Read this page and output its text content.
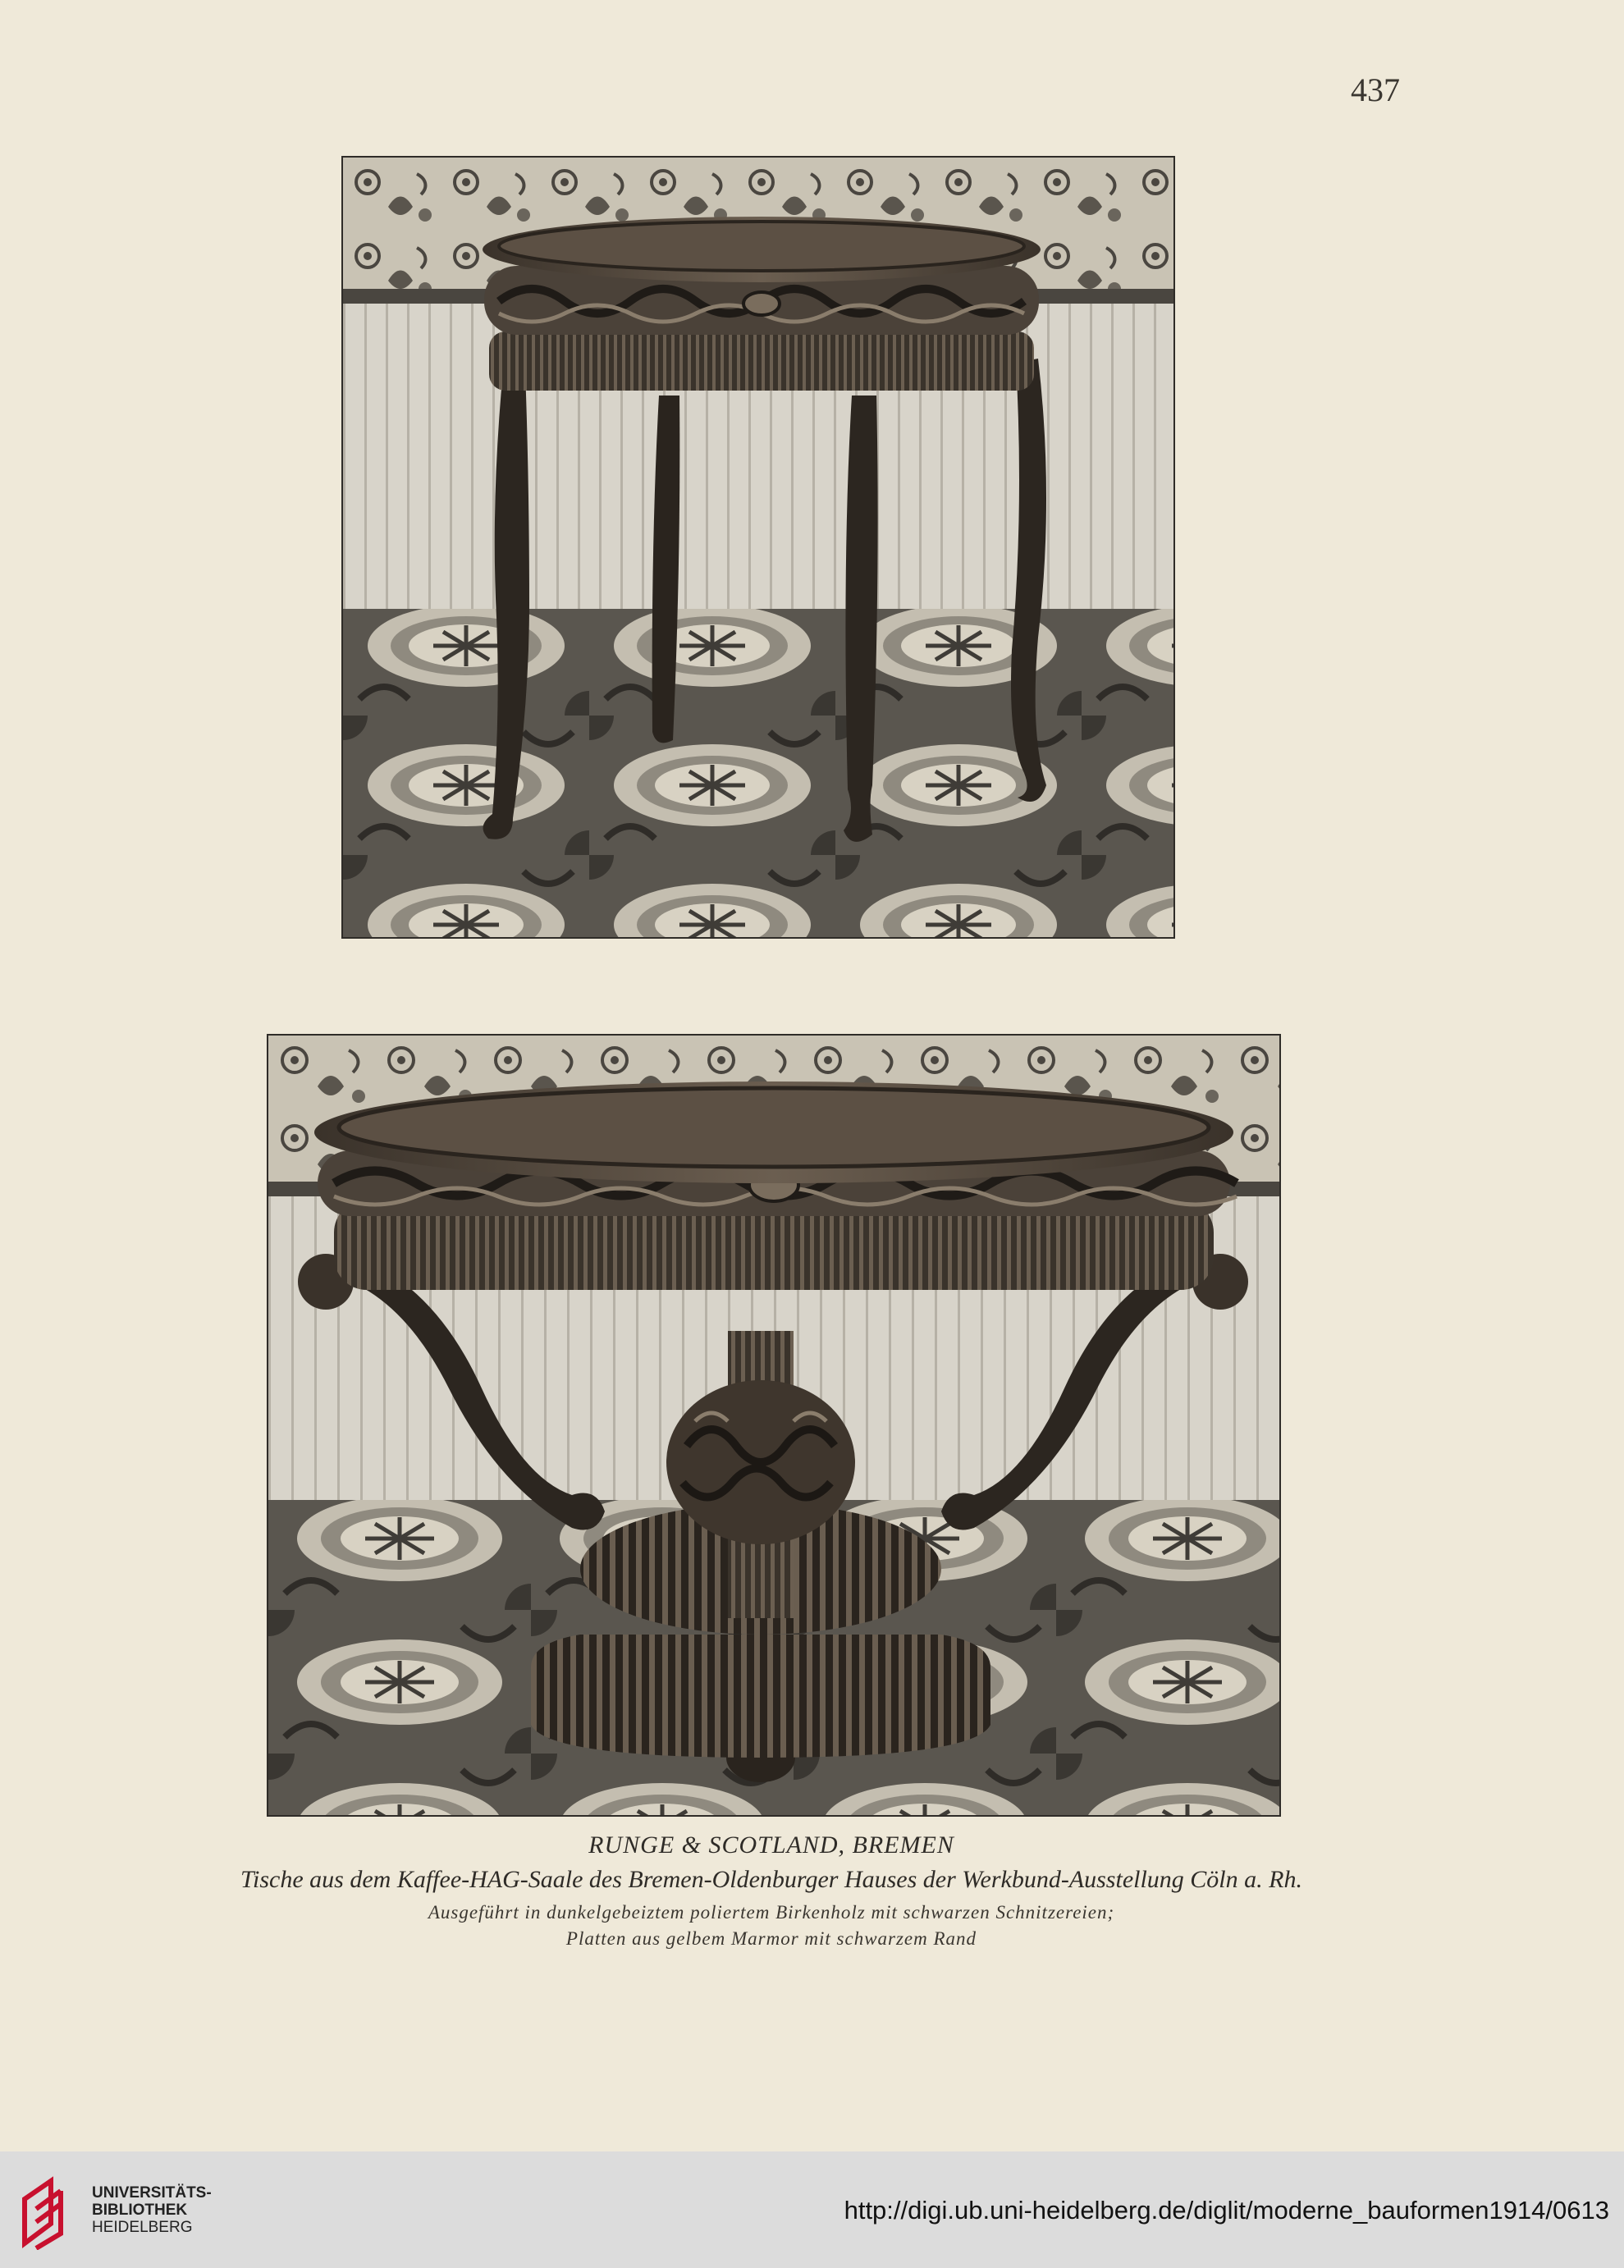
437
RUNGE & SCOTLAND, BREMEN
Tische aus dem Kaffee-HAG-Saale des Bremen-Oldenburger Hauses der Werkbund-Ausstellung Cöln a. Rh.
Ausgeführt in dunkelgebeiztem poliertem Birkenholz mit schwarzen Schnitzereien;
Platten aus gelbem Marmor mit schwarzem Rand
UNIVERSITÄTS-
BIBLIOTHEK
HEIDELBERG
http://digi.ub.uni-heidelberg.de/diglit/moderne_bauformen1914/0613
